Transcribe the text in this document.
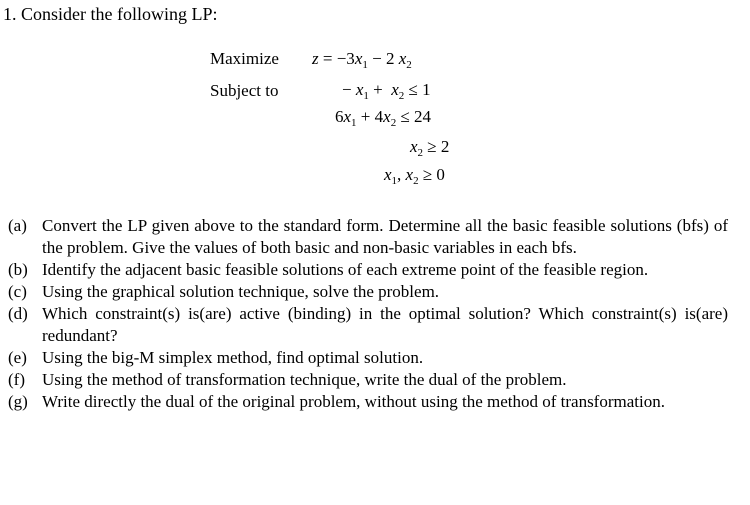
1. Consider the following LP:
Maximize
Subject to
$z = -3x_1 - 2$ $x_2$
− $x_1 + x_2 \le 1$
$6x_1 + 4x_2 \le 24$
$x_2 \ge 2$
$x_1$, $x_2 \ge 0$
(a) Convert the LP given above to the standard form. Determine all the basic feasible solutions (bfs) of the problem. Give the values of both basic and non-basic variables in each bfs.
(b) Identify the adjacent basic feasible solutions of each extreme point of the feasible region.
(c) Using the graphical solution technique, solve the problem.
(d) Which constraint(s) is(are) active (binding) in the optimal solution? Which constraint(s) is(are) redundant?
(e) Using the big-M simplex method, find optimal solution.
(f) Using the method of transformation technique, write the dual of the problem.
(g) Write directly the dual of the original problem, without using the method of transformation.
